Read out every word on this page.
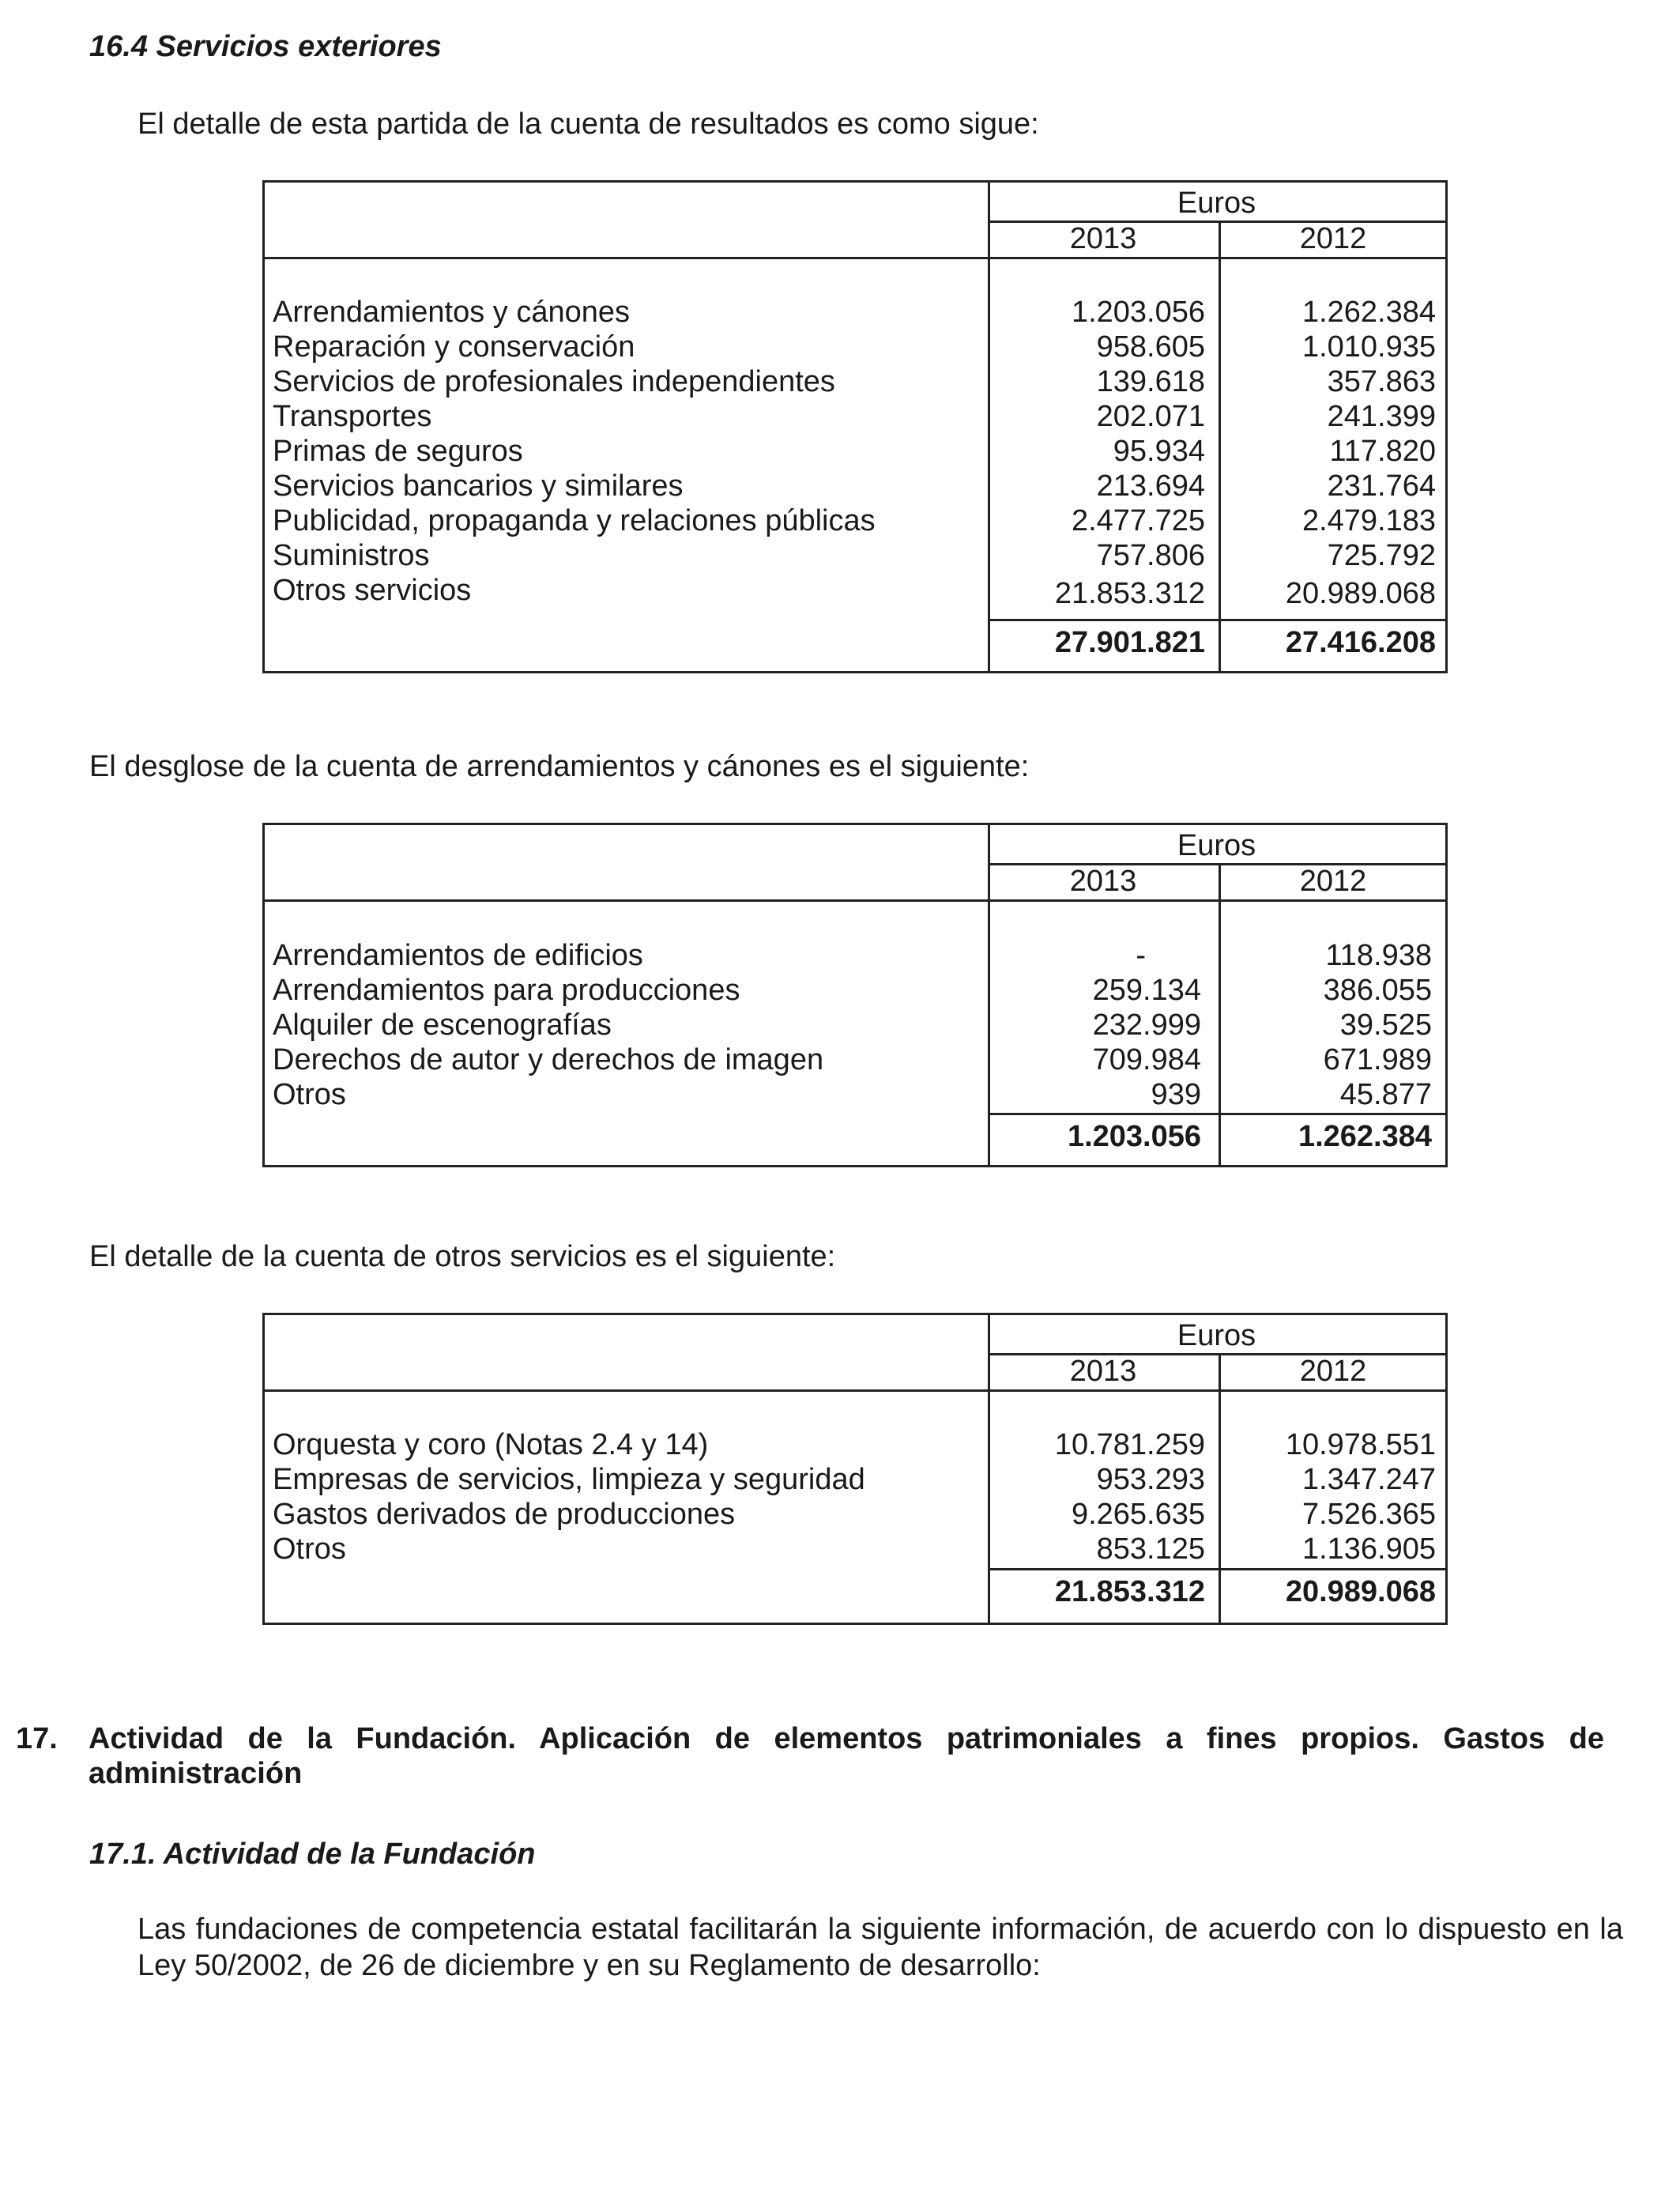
16.4 Servicios exteriores
El detalle de esta partida de la cuenta de resultados es como sigue:
Euros
2013	2012
Arrendamientos y cánones	1.203.056	1.262.384
Reparación y conservación	958.605	1.010.935
Servicios de profesionales independientes	139.618	357.863
Transportes	202.071	241.399
Primas de seguros	95.934	117.820
Servicios bancarios y similares	213.694	231.764
Publicidad, propaganda y relaciones públicas	2.477.725	2.479.183
Suministros	757.806	725.792
Otros servicios	21.853.312	20.989.068
27.901.821	27.416.208
El desglose de la cuenta de arrendamientos y cánones es el siguiente:
Euros
2013	2012
Arrendamientos de edificios	-	118.938
Arrendamientos para producciones	259.134	386.055
Alquiler de escenografías	232.999	39.525
Derechos de autor y derechos de imagen	709.984	671.989
Otros	939	45.877
1.203.056	1.262.384
El detalle de la cuenta de otros servicios es el siguiente:
Euros
2013	2012
Orquesta y coro (Notas 2.4 y 14)	10.781.259	10.978.551
Empresas de servicios, limpieza y seguridad	953.293	1.347.247
Gastos derivados de producciones	9.265.635	7.526.365
Otros	853.125	1.136.905
21.853.312	20.989.068
17. Actividad de la Fundación. Aplicación de elementos patrimoniales a fines propios. Gastos de administración
17.1. Actividad de la Fundación
Las fundaciones de competencia estatal facilitarán la siguiente información, de acuerdo con lo dispuesto en la Ley 50/2002, de 26 de diciembre y en su Reglamento de desarrollo:
